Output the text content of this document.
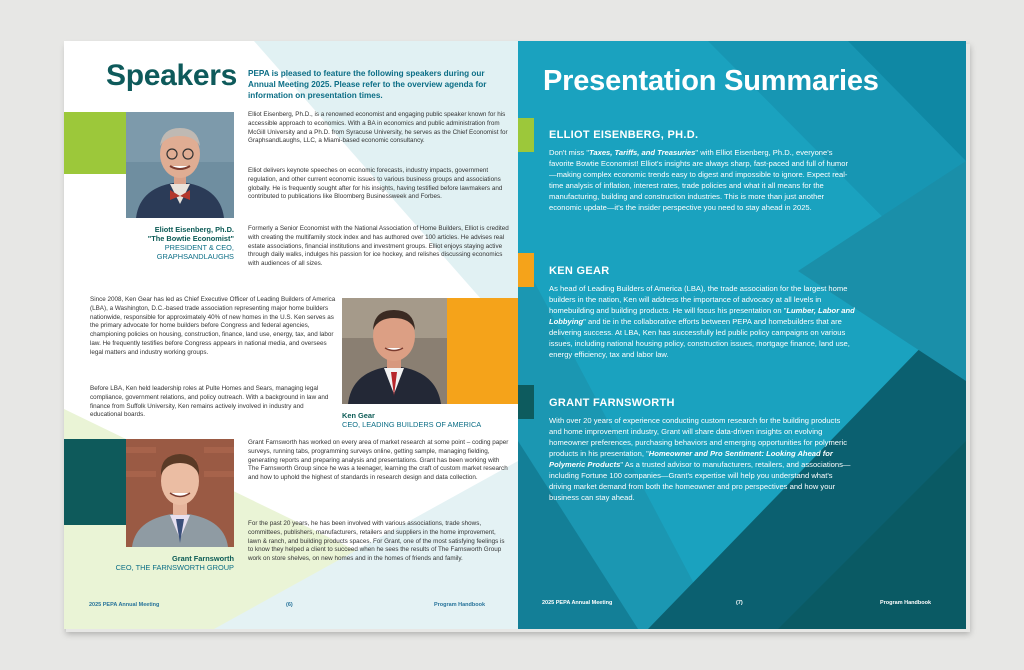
Speakers PEPA is pleased to feature the following speakers during our Annual Meeting 2025. Please refer to the overview agenda for information on presentation times.
Eliott Eisenberg, Ph.D.
"The Bowtie Economist"
PRESIDENT & CEO,
GRAPHSANDLAUGHS
Elliot Eisenberg, Ph.D., is a renowned economist and engaging public speaker known for his accessible approach to economics. With a BA in economics and public administration from McGill University and a Ph.D. from Syracuse University, he serves as the Chief Economist for GraphsandLaughs, LLC, a Miami-based economic consultancy.
Elliot delivers keynote speeches on economic forecasts, industry impacts, government regulation, and other current economic issues to various business groups and associations globally. He is frequently sought after for his insights, having testified before lawmakers and contributed to publications like Bloomberg Businessweek and Forbes.
Formerly a Senior Economist with the National Association of Home Builders, Elliot is credited with creating the multifamily stock index and has authored over 100 articles. He advises real estate associations, financial institutions and investment groups. Elliot enjoys staying active through daily walks, indulges his passion for ice hockey, and relishes discussing economics with audiences of all sizes.
Since 2008, Ken Gear has led as Chief Executive Officer of Leading Builders of America (LBA), a Washington, D.C.-based trade association representing major home builders nationwide, responsible for approximately 40% of new homes in the U.S. Ken serves as the primary advocate for home builders before Congress and federal agencies, championing policies on housing, construction, finance, land use, energy, tax, and labor law. He frequently testifies before Congress appears in national media, and oversees legal matters and industry working groups.
Before LBA, Ken held leadership roles at Pulte Homes and Sears, managing legal compliance, government relations, and policy outreach. With a background in law and finance from Suffolk University, Ken remains actively involved in industry and educational boards.	Ken Gear
CEO, LEADING BUILDERS OF AMERICA
Grant Farnsworth
CEO, THE FARNSWORTH GROUP
Grant Farnsworth has worked on every area of market research at some point – coding paper surveys, running tabs, programming surveys online, getting sample, managing fielding, generating reports and preparing analysis and presentations. Grant has been working with The Farnsworth Group since he was a teenager, learning the craft of custom market research and how to uphold the highest of standards in research design and data collection.
For the past 20 years, he has been involved with various associations, trade shows, committees, publishers, manufacturers, retailers and suppliers in the home improvement, lawn & ranch, and building products spaces. For Grant, one of the most satisfying feelings is to know they helped a client to succeed when he sees the results of The Farnsworth Group work on store shelves, on new homes and in the homes of friends and family.
2025 PEPA Annual Meeting	(6)	Program Handbook
Presentation Summaries
ELLIOT EISENBERG, PH.D.
Don't miss "Taxes, Tariffs, and Treasuries" with Elliot Eisenberg, Ph.D., everyone's favorite Bowtie Economist! Elliot's insights are always sharp, fast-paced and full of humor—making complex economic trends easy to digest and impossible to ignore. Expect real-time analysis of inflation, interest rates, trade policies and what it all means for the manufacturing, building and construction industries. This is more than just another economic update—it's the insider perspective you need to stay ahead in 2025.
KEN GEAR
As head of Leading Builders of America (LBA), the trade association for the largest home builders in the nation, Ken will address the importance of advocacy at all levels in homebuilding and building products. He will focus his presentation on "Lumber, Labor and Lobbying" and tie in the collaborative efforts between PEPA and homebuilders that are delivering success. At LBA, Ken has successfully led public policy campaigns on various issues, including national housing policy, construction issues, mortgage finance, land use, energy efficiency, tax and labor law.
GRANT FARNSWORTH
With over 20 years of experience conducting custom research for the building products and home improvement industry, Grant will share data-driven insights on evolving homeowner preferences, purchasing behaviors and emerging opportunities for polymeric products in his presentation, "Homeowner and Pro Sentiment: Looking Ahead for Polymeric Products" As a trusted advisor to manufacturers, retailers, and associations—including Fortune 100 companies—Grant's expertise will help you understand what's driving market demand from both the homeowner and pro perspectives and how your business can stay ahead.
2025 PEPA Annual Meeting	(7)	Program Handbook
